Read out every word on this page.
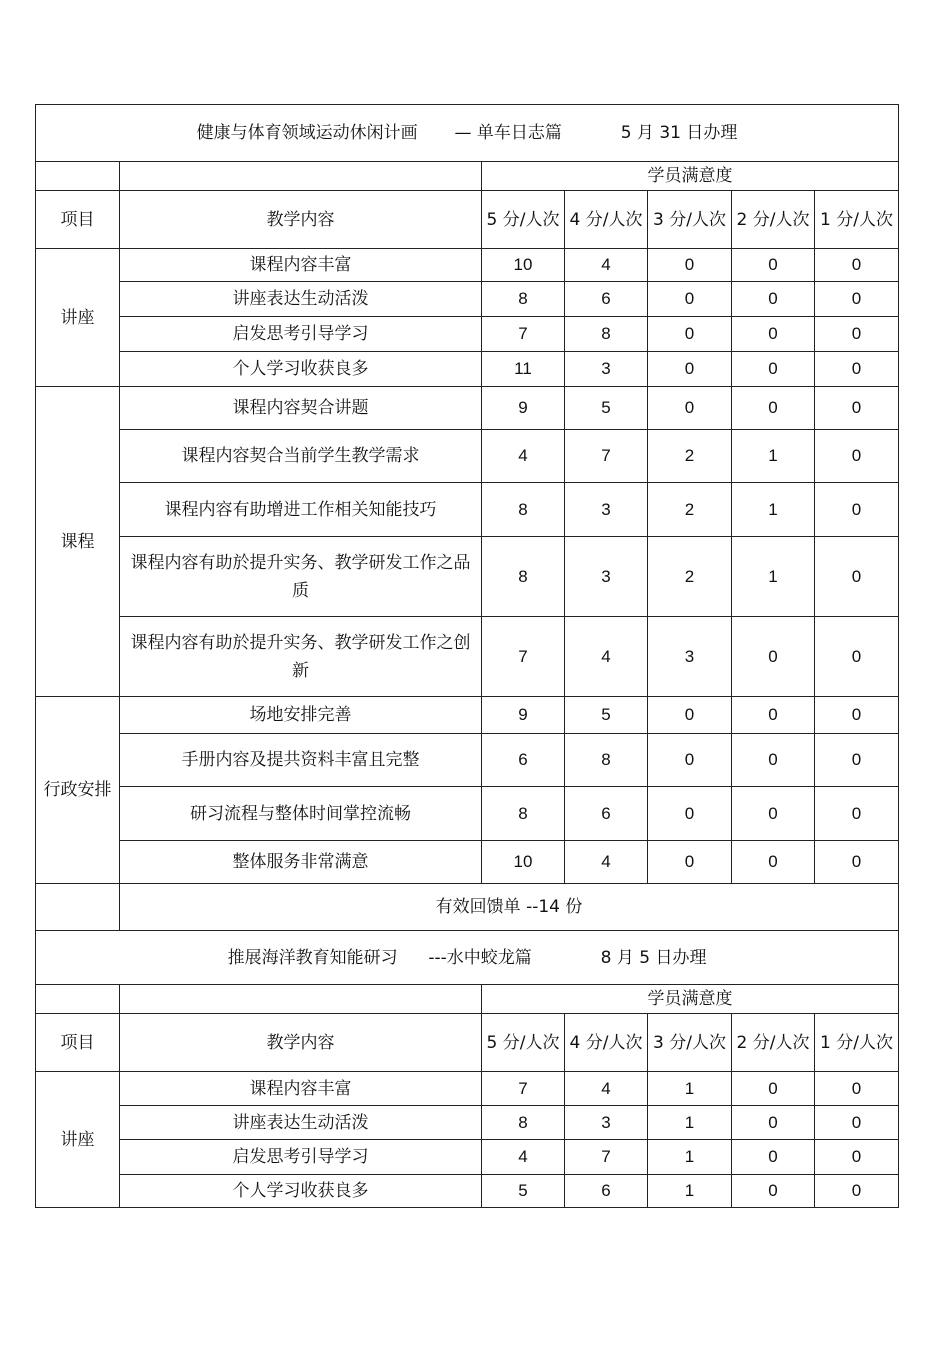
健康与体育领域运动休闲计画 — 单车日志篇 5 月 31 日办理						
		学员满意度				
项目	教学内容	5 分/人次	4 分/人次	3 分/人次	2 分/人次	1 分/人次
讲座	课程内容丰富	10	4	0	0	0
	讲座表达生动活泼	8	6	0	0	0
	启发思考引导学习	7	8	0	0	0
	个人学习收获良多	11	3	0	0	0
课程	课程内容契合讲题	9	5	0	0	0
	课程内容契合当前学生教学需求	4	7	2	1	0
	课程内容有助增进工作相关知能技巧	8	3	2	1	0
	课程内容有助於提升实务、教学研发工作之品质	8	3	2	1	0
	课程内容有助於提升实务、教学研发工作之创新	7	4	3	0	0
行政安排	场地安排完善	9	5	0	0	0
	手册内容及提共资料丰富且完整	6	8	0	0	0
	研习流程与整体时间掌控流畅	8	6	0	0	0
	整体服务非常满意	10	4	0	0	0
	有效回馈单 --14 份					
推展海洋教育知能研习 ---水中蛟龙篇 8 月 5 日办理						
		学员满意度				
项目	教学内容	5 分/人次	4 分/人次	3 分/人次	2 分/人次	1 分/人次
讲座	课程内容丰富	7	4	1	0	0
	讲座表达生动活泼	8	3	1	0	0
	启发思考引导学习	4	7	1	0	0
	个人学习收获良多	5	6	1	0	0
